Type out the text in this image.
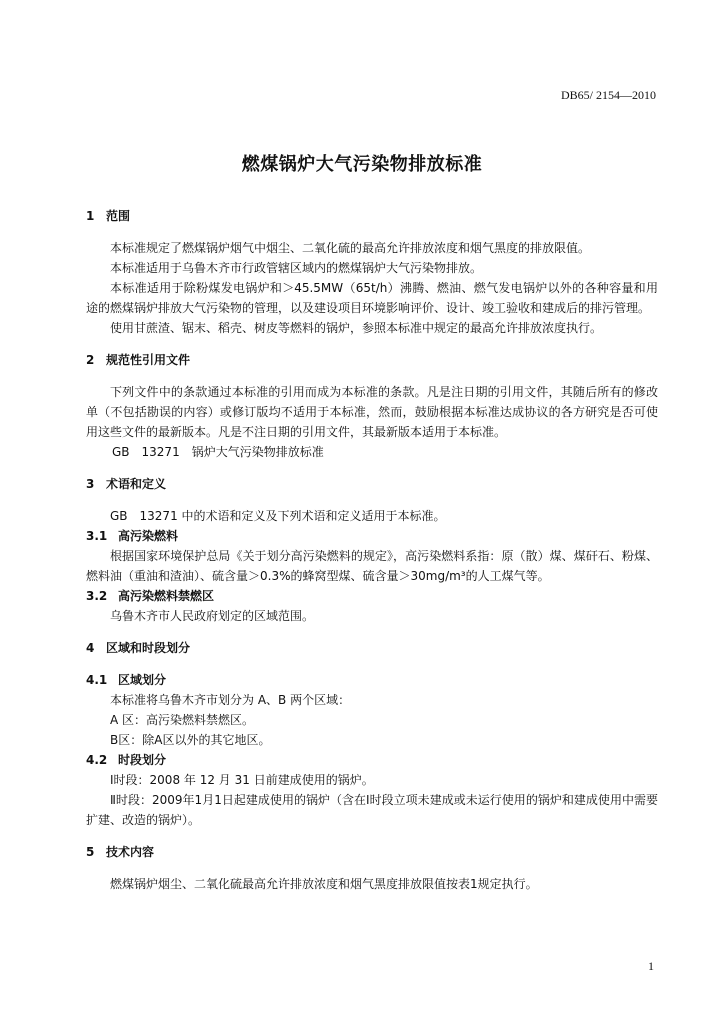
DB65/ 2154—2010
燃煤锅炉大气污染物排放标准
1 范围

本标准规定了燃煤锅炉烟气中烟尘、二氧化硫的最高允许排放浓度和烟气黑度的排放限值。

本标准适用于乌鲁木齐市行政管辖区域内的燃煤锅炉大气污染物排放。

本标准适用于除粉煤发电锅炉和＞45.5MW（65t/h）沸腾、燃油、燃气发电锅炉以外的各种容量和用途的燃煤锅炉排放大气污染物的管理，以及建设项目环境影响评价、设计、竣工验收和建成后的排污管理。

使用甘蔗渣、锯末、稻壳、树皮等燃料的锅炉，参照本标准中规定的最高允许排放浓度执行。

2 规范性引用文件

下列文件中的条款通过本标准的引用而成为本标准的条款。凡是注日期的引用文件，其随后所有的修改单（不包括勘误的内容）或修订版均不适用于本标准，然而，鼓励根据本标准达成协议的各方研究是否可使用这些文件的最新版本。凡是不注日期的引用文件，其最新版本适用于本标准。

GB　13271　锅炉大气污染物排放标准

3 术语和定义

GB　13271 中的术语和定义及下列术语和定义适用于本标准。

3.1 高污染燃料

根据国家环境保护总局《关于划分高污染燃料的规定》，高污染燃料系指：原（散）煤、煤矸石、粉煤、燃料油（重油和渣油）、硫含量＞0.3%的蜂窝型煤、硫含量＞30mg/m³的人工煤气等。

3.2 高污染燃料禁燃区

乌鲁木齐市人民政府划定的区域范围。

4 区域和时段划分
4.1 区域划分

本标准将乌鲁木齐市划分为 A、B 两个区域：

A 区：高污染燃料禁燃区。

B区：除A区以外的其它地区。

4.2 时段划分

Ⅰ时段：2008 年 12 月 31 日前建成使用的锅炉。

Ⅱ时段：2009年1月1日起建成使用的锅炉（含在Ⅰ时段立项未建成或未运行使用的锅炉和建成使用中需要扩建、改造的锅炉）。

5 技术内容

燃煤锅炉烟尘、二氧化硫最高允许排放浓度和烟气黑度排放限值按表1规定执行。

1
